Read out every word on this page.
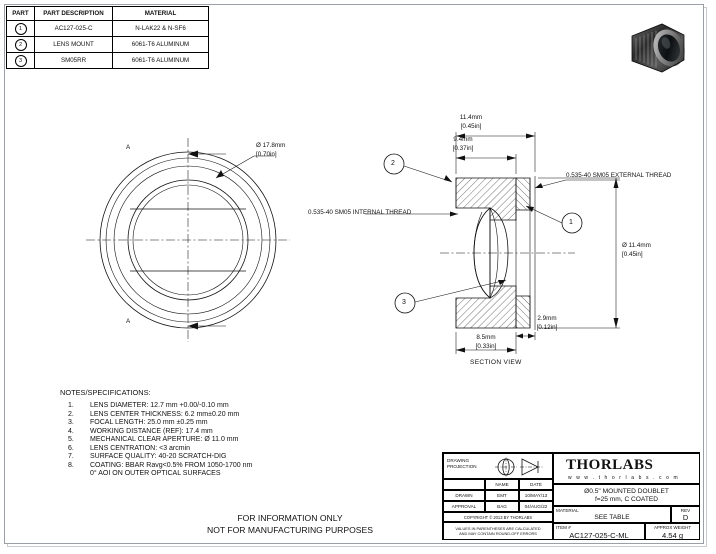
PART	PART DESCRIPTION	MATERIAL
1	AC127-025-C	N-LAK22 & N-SF6
2	LENS MOUNT	6061-T6 ALUMINUM
3	SM05RR	6061-T6 ALUMINUM
A
A
Ø 17.8mm
[0.70in]
11.4mm
[0.45in]
9.4mm
[0.37in]
Ø 11.4mm
[0.45in]
8.5mm
[0.33in]
2.9mm
[0.12in]
0.535-40 SM05 INTERNAL THREAD
0.535-40 SM05 EXTERNAL THREAD
2
1
3
SECTION VIEW
NOTES/SPECIFICATIONS:
1.	LENS DIAMETER: 12.7 mm +0.00/-0.10 mm
2.	LENS CENTER THICKNESS: 6.2 mm±0.20 mm
3.	FOCAL LENGTH: 25.0 mm ±0.25 mm
4.	WORKING DISTANCE (REF): 17.4 mm
5.	MECHANICAL CLEAR APERTURE: Ø 11.0 mm
6.	LENS CENTRATION: <3 arcmin
7.	SURFACE QUALITY: 40-20 SCRATCH-DIG
8.	COATING: BBAR Ravg<0.5% FROM 1050-1700 nm
	0° AOI ON OUTER OPTICAL SURFACES
FOR INFORMATION ONLY
NOT FOR MANUFACTURING PURPOSES
DRAWING
PROJECTION
NAME	DATE
DRAWN	EMT	10/MAY/13
APPROVAL	BAG	04/AUG/22
COPYRIGHT © 2013 BY THORLABS
VALUES IN PARENTHESES ARE CALCULATED
AND MAY CONTAIN ROUND-OFF ERRORS
THORLABS
w w w . t h o r l a b s . c o m
Ø0.5" MOUNTED DOUBLET
f=25 mm, C COATED
MATERIAL
SEE TABLE
REV
D
ITEM #
AC127-025-C-ML
APPROX WEIGHT
4.54 g
